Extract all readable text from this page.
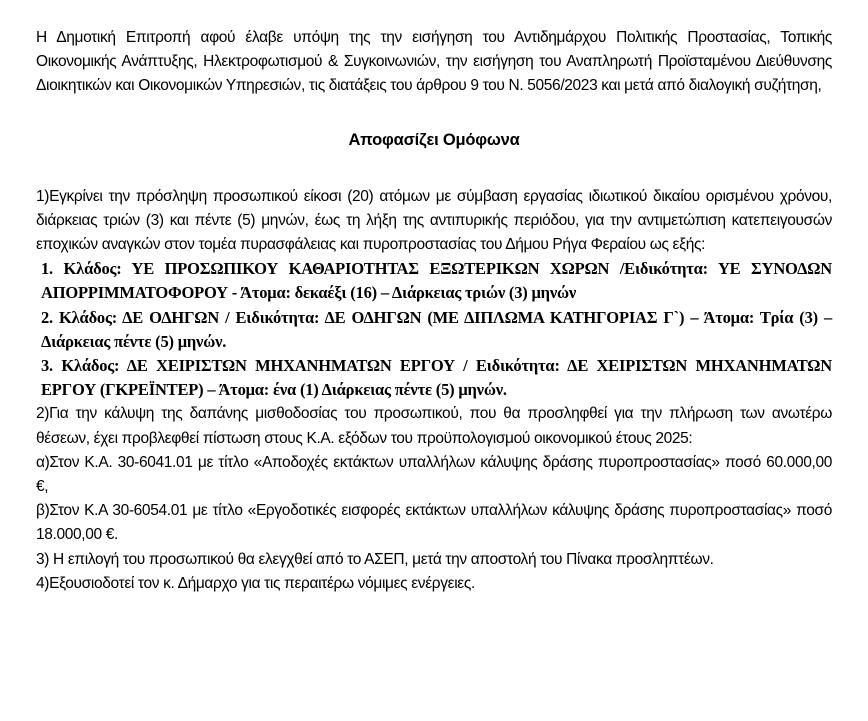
Η Δημοτική Επιτροπή αφού έλαβε υπόψη της την εισήγηση του Αντιδημάρχου Πολιτικής Προστασίας, Τοπικής Οικονομικής Ανάπτυξης, Ηλεκτροφωτισμού & Συγκοινωνιών, την εισήγηση του Αναπληρωτή Προϊσταμένου Διεύθυνσης Διοικητικών και Οικονομικών Υπηρεσιών, τις διατάξεις του άρθρου 9 του Ν. 5056/2023 και μετά από διαλογική συζήτηση,

Αποφασίζει Ομόφωνα

1)Εγκρίνει την πρόσληψη προσωπικού είκοσι (20) ατόμων με σύμβαση εργασίας ιδιωτικού δικαίου ορισμένου χρόνου, διάρκειας τριών (3) και πέντε (5) μηνών, έως τη λήξη της αντιπυρικής περιόδου, για την αντιμετώπιση κατεπειγουσών εποχικών αναγκών στον τομέα πυρασφάλειας και πυροπροστασίας του Δήμου Ρήγα Φεραίου ως εξής:

1. Κλάδος: ΥΕ ΠΡΟΣΩΠΙΚΟΥ ΚΑΘΑΡΙΟΤΗΤΑΣ ΕΞΩΤΕΡΙΚΩΝ ΧΩΡΩΝ /Ειδικότητα: ΥΕ ΣΥΝΟΔΩΝ ΑΠΟΡΡΙΜΜΑΤΟΦΟΡΟΥ - Άτομα: δεκαέξι (16) – Διάρκειας τριών (3) μηνών
2. Κλάδος: ΔΕ ΟΔΗΓΩΝ / Ειδικότητα: ΔΕ ΟΔΗΓΩΝ (ΜΕ ΔΙΠΛΩΜΑ ΚΑΤΗΓΟΡΙΑΣ Γ`) – Άτομα: Τρία (3) – Διάρκειας πέντε (5) μηνών.
3. Κλάδος: ΔΕ ΧΕΙΡΙΣΤΩΝ ΜΗΧΑΝΗΜΑΤΩΝ ΕΡΓΟΥ / Ειδικότητα: ΔΕ ΧΕΙΡΙΣΤΩΝ ΜΗΧΑΝΗΜΑΤΩΝ ΕΡΓΟΥ (ΓΚΡΕΪΝΤΕΡ) – Άτομα: ένα (1) Διάρκειας πέντε (5) μηνών.

2)Για την κάλυψη της δαπάνης μισθοδοσίας του προσωπικού, που θα προσληφθεί για την πλήρωση των ανωτέρω θέσεων, έχει προβλεφθεί πίστωση στους Κ.Α. εξόδων του προϋπολογισμού οικονομικού έτους 2025:

α)Στον Κ.Α. 30-6041.01 με τίτλο «Αποδοχές εκτάκτων υπαλλήλων κάλυψης δράσης πυροπροστασίας» ποσό 60.000,00 €,

β)Στον Κ.Α 30-6054.01 με τίτλο «Εργοδοτικές εισφορές εκτάκτων υπαλλήλων κάλυψης δράσης πυροπροστασίας» ποσό 18.000,00 €.

3) Η επιλογή του προσωπικού θα ελεγχθεί από το ΑΣΕΠ, μετά την αποστολή του Πίνακα προσληπτέων.

4)Εξουσιοδοτεί τον κ. Δήμαρχο για τις περαιτέρω νόμιμες ενέργειες.
